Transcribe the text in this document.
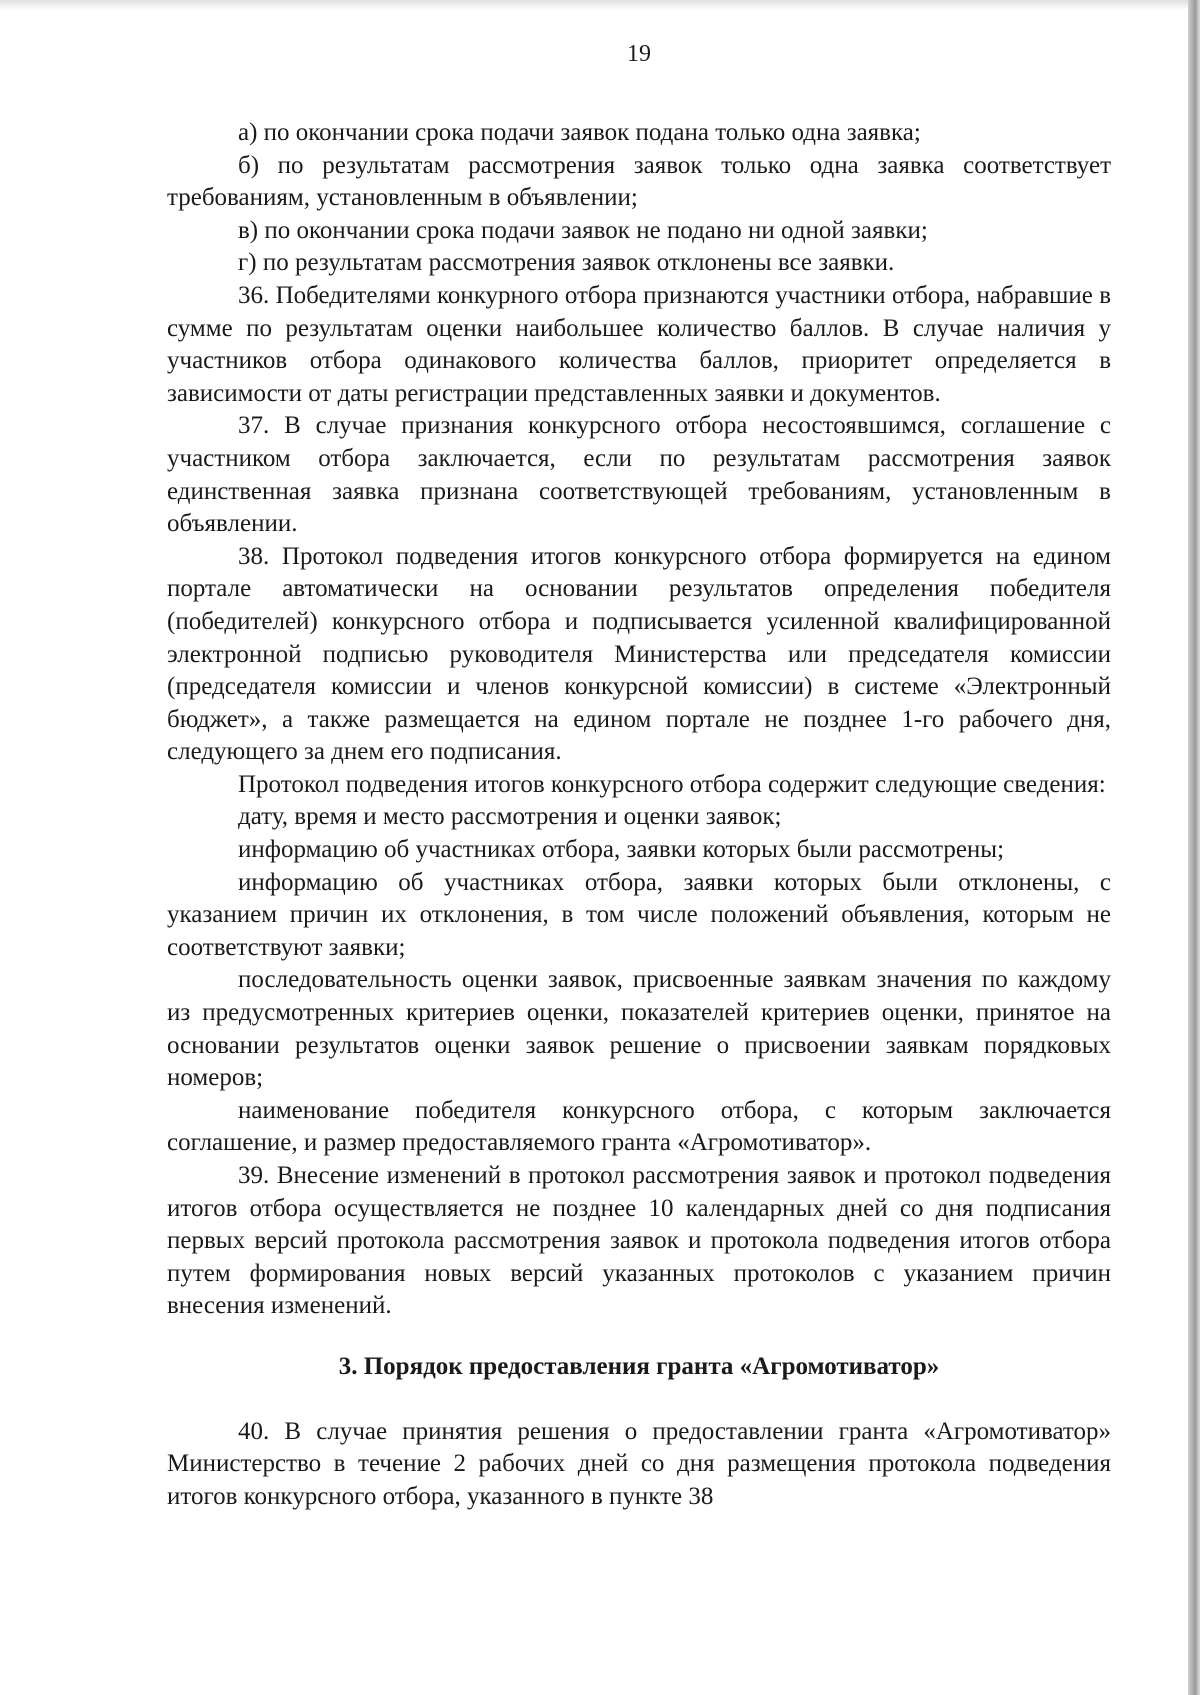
19

а) по окончании срока подачи заявок подана только одна заявка;

б) по результатам рассмотрения заявок только одна заявка соответствует требованиям, установленным в объявлении;

в) по окончании срока подачи заявок не подано ни одной заявки;

г) по результатам рассмотрения заявок отклонены все заявки.

36. Победителями конкурного отбора признаются участники отбора, набравшие в сумме по результатам оценки наибольшее количество баллов. В случае наличия у участников отбора одинакового количества баллов, приоритет определяется в зависимости от даты регистрации представленных заявки и документов.

37. В случае признания конкурсного отбора несостоявшимся, соглашение с участником отбора заключается, если по результатам рассмотрения заявок единственная заявка признана соответствующей требованиям, установленным в объявлении.

38. Протокол подведения итогов конкурсного отбора формируется на едином портале автоматически на основании результатов определения победителя (победителей) конкурсного отбора и подписывается усиленной квалифицированной электронной подписью руководителя Министерства или председателя комиссии (председателя комиссии и членов конкурсной комиссии) в системе «Электронный бюджет», а также размещается на едином портале не позднее 1-го рабочего дня, следующего за днем его подписания.

Протокол подведения итогов конкурсного отбора содержит следующие сведения:

дату, время и место рассмотрения и оценки заявок;

информацию об участниках отбора, заявки которых были рассмотрены;

информацию об участниках отбора, заявки которых были отклонены, с указанием причин их отклонения, в том числе положений объявления, которым не соответствуют заявки;

последовательность оценки заявок, присвоенные заявкам значения по каждому из предусмотренных критериев оценки, показателей критериев оценки, принятое на основании результатов оценки заявок решение о присвоении заявкам порядковых номеров;

наименование победителя конкурсного отбора, с которым заключается соглашение, и размер предоставляемого гранта «Агромотиватор».

39. Внесение изменений в протокол рассмотрения заявок и протокол подведения итогов отбора осуществляется не позднее 10 календарных дней со дня подписания первых версий протокола рассмотрения заявок и протокола подведения итогов отбора путем формирования новых версий указанных протоколов с указанием причин внесения изменений.

3. Порядок предоставления гранта «Агромотиватор»

40. В случае принятия решения о предоставлении гранта «Агромотиватор» Министерство в течение 2 рабочих дней со дня размещения протокола подведения итогов конкурсного отбора, указанного в пункте 38
